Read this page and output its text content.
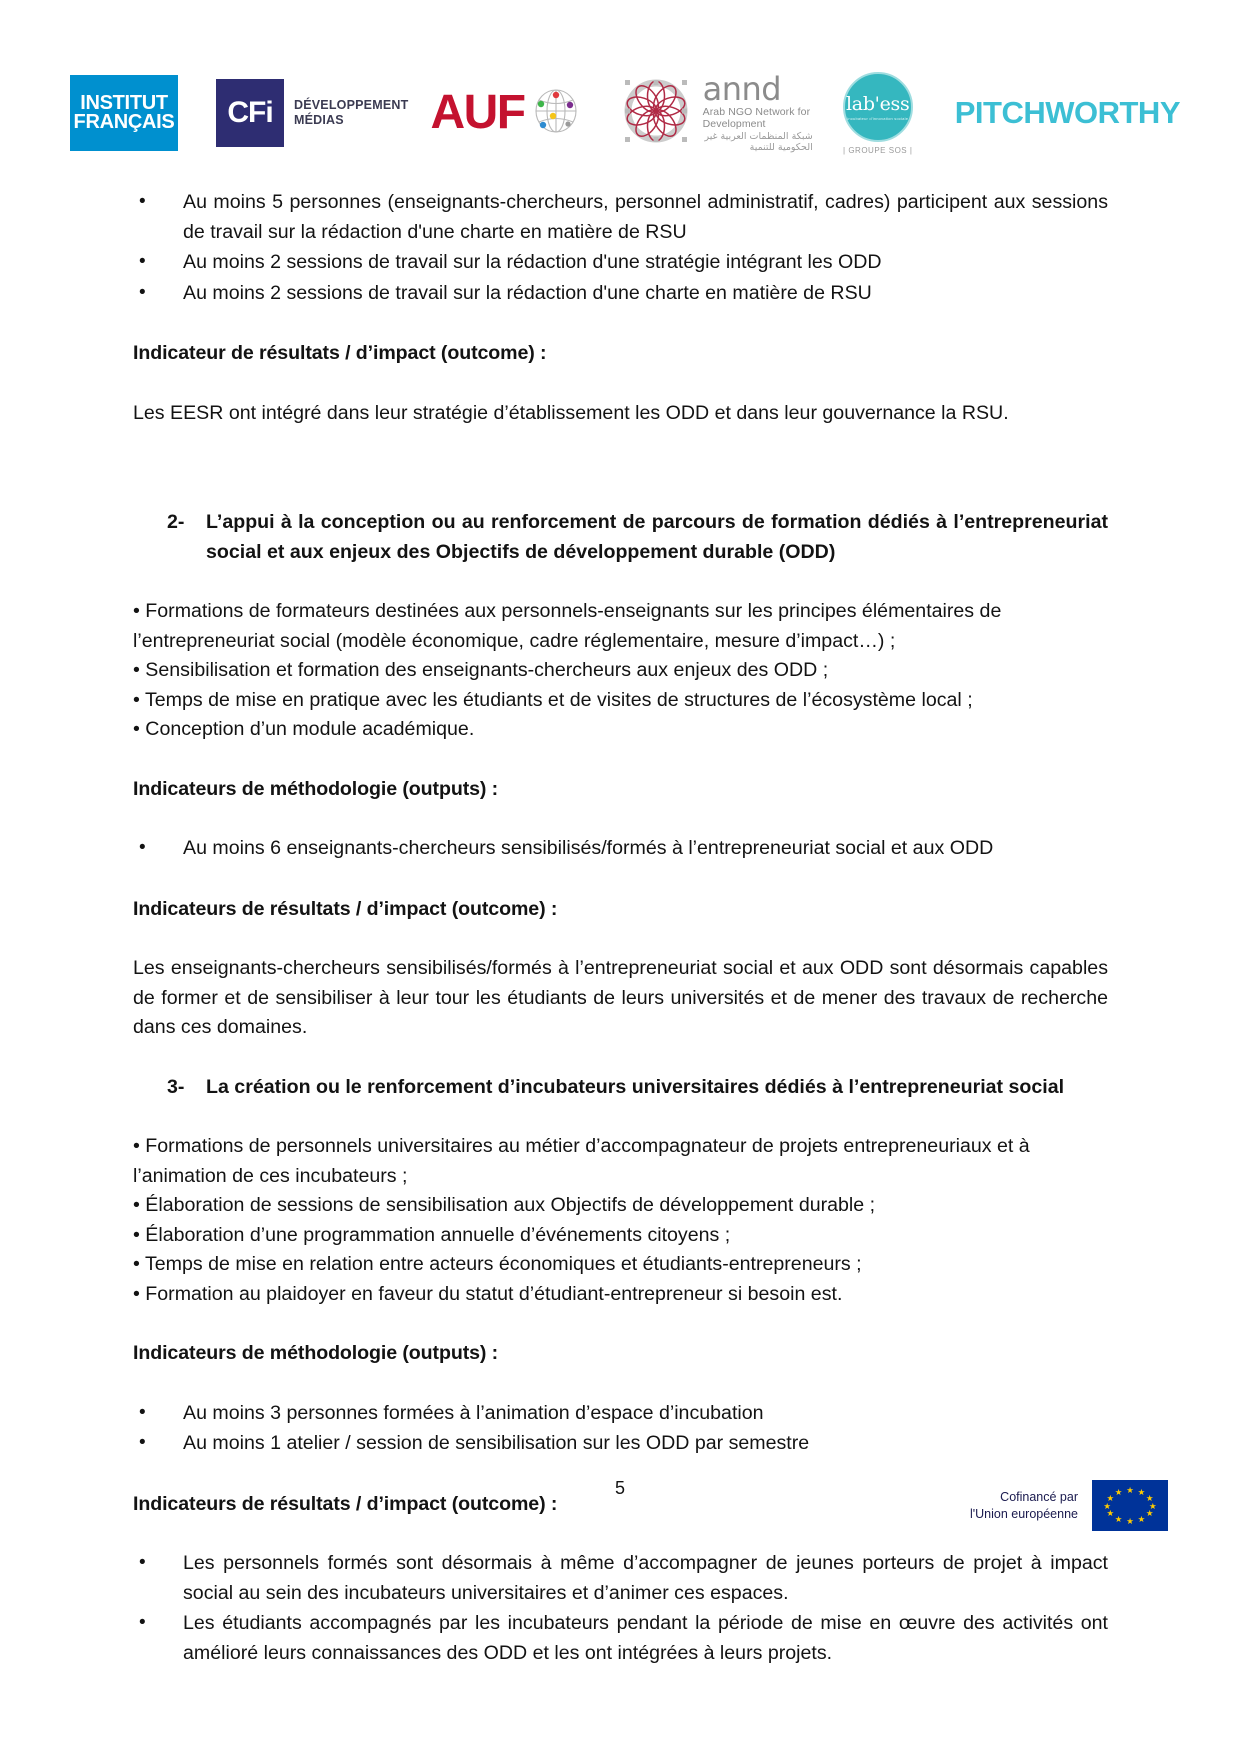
INSTITUT
FRANÇAIS CFi DÉVELOPPEMENT
MÉDIAS	AUF	annd
Arab NGO Network for Development
شبكة المنظمات العربية غير الحكومية للتنمية
lab'ess
incubateur d'innovation sociale
| GROUPE SOS |
PITCHWORTHY
• Au moins 5 personnes (enseignants-chercheurs, personnel administratif, cadres) participent aux sessions de travail sur la rédaction d'une charte en matière de RSU
• Au moins 2 sessions de travail sur la rédaction d'une stratégie intégrant les ODD
• Au moins 2 sessions de travail sur la rédaction d'une charte en matière de RSU

Indicateur de résultats / d’impact (outcome) :

Les EESR ont intégré dans leur stratégie d’établissement les ODD et dans leur gouvernance la RSU.

2-	L’appui à la conception ou au renforcement de parcours de formation dédiés à l’entrepreneuriat social et aux enjeux des Objectifs de développement durable (ODD)

• Formations de formateurs destinées aux personnels-enseignants sur les principes élémentaires de l’entrepreneuriat social (modèle économique, cadre réglementaire, mesure d’impact…) ;

• Sensibilisation et formation des enseignants-chercheurs aux enjeux des ODD ;

• Temps de mise en pratique avec les étudiants et de visites de structures de l’écosystème local ;

• Conception d’un module académique.

Indicateurs de méthodologie (outputs) :

• Au moins 6 enseignants-chercheurs sensibilisés/formés à l’entrepreneuriat social et aux ODD

Indicateurs de résultats / d’impact (outcome) :

Les enseignants-chercheurs sensibilisés/formés à l’entrepreneuriat social et aux ODD sont désormais capables de former et de sensibiliser à leur tour les étudiants de leurs universités et de mener des travaux de recherche dans ces domaines.

3-	La création ou le renforcement d’incubateurs universitaires dédiés à l’entrepreneuriat social

• Formations de personnels universitaires au métier d’accompagnateur de projets entrepreneuriaux et à l’animation de ces incubateurs ;

• Élaboration de sessions de sensibilisation aux Objectifs de développement durable ;

• Élaboration d’une programmation annuelle d’événements citoyens ;

• Temps de mise en relation entre acteurs économiques et étudiants-entrepreneurs ;

• Formation au plaidoyer en faveur du statut d’étudiant-entrepreneur si besoin est.

Indicateurs de méthodologie (outputs) :

• Au moins 3 personnes formées à l’animation d’espace d’incubation
• Au moins 1 atelier / session de sensibilisation sur les ODD par semestre

Indicateurs de résultats / d’impact (outcome) :

• Les personnels formés sont désormais à même d’accompagner de jeunes porteurs de projet à impact social au sein des incubateurs universitaires et d’animer ces espaces.
• Les étudiants accompagnés par les incubateurs pendant la période de mise en œuvre des activités ont amélioré leurs connaissances des ODD et les ont intégrées à leurs projets.
5	Cofinancé par
l'Union européenne
★ ★
★
★
★
★
★
★
★
★
★
★
